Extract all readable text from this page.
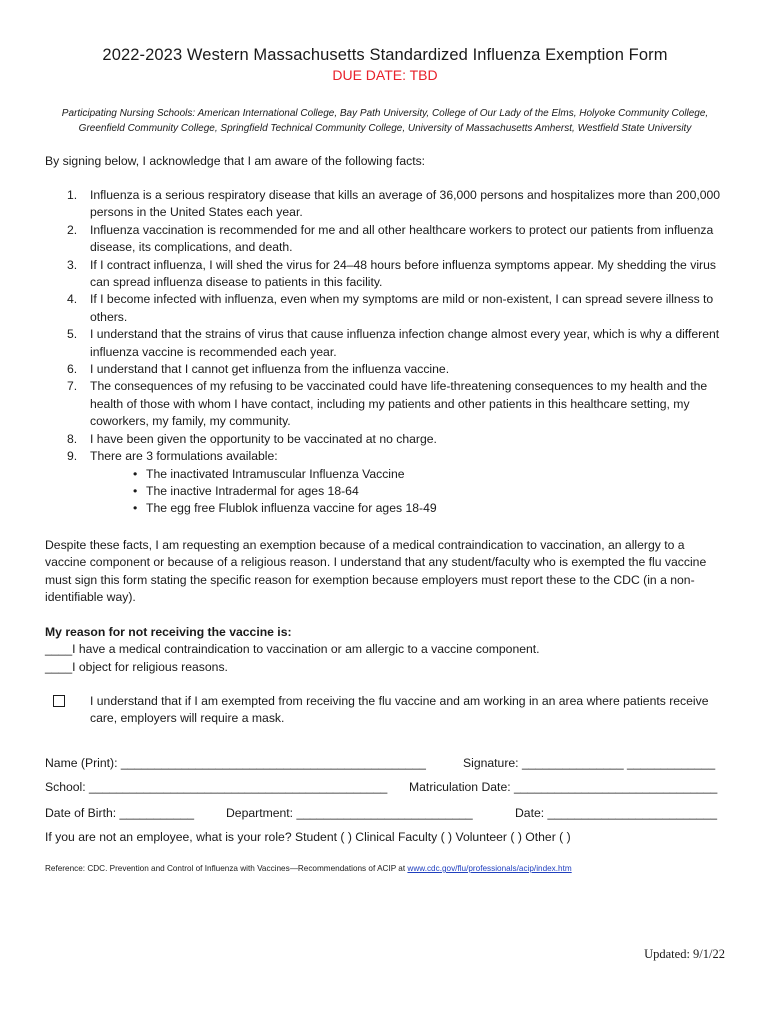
2022-2023 Western Massachusetts Standardized Influenza Exemption Form
DUE DATE: TBD
Participating Nursing Schools: American International College, Bay Path University, College of Our Lady of the Elms, Holyoke Community College,
Greenfield Community College, Springfield Technical Community College, University of Massachusetts Amherst, Westfield State University
By signing below, I acknowledge that I am aware of the following facts:
1. Influenza is a serious respiratory disease that kills an average of 36,000 persons and hospitalizes more than 200,000 persons in the United States each year.
2. Influenza vaccination is recommended for me and all other healthcare workers to protect our patients from influenza disease, its complications, and death.
3. If I contract influenza, I will shed the virus for 24–48 hours before influenza symptoms appear. My shedding the virus can spread influenza disease to patients in this facility.
4. If I become infected with influenza, even when my symptoms are mild or non-existent, I can spread severe illness to others.
5. I understand that the strains of virus that cause influenza infection change almost every year, which is why a different influenza vaccine is recommended each year.
6. I understand that I cannot get influenza from the influenza vaccine.
7. The consequences of my refusing to be vaccinated could have life-threatening consequences to my health and the health of those with whom I have contact, including my patients and other patients in this healthcare setting, my coworkers, my family, my community.
8. I have been given the opportunity to be vaccinated at no charge.
9. There are 3 formulations available:
• The inactivated Intramuscular Influenza Vaccine
• The inactive Intradermal for ages 18-64
• The egg free Flublok influenza vaccine for ages 18-49
Despite these facts, I am requesting an exemption because of a medical contraindication to vaccination, an allergy to a vaccine component or because of a religious reason. I understand that any student/faculty who is exempted the flu vaccine must sign this form stating the specific reason for exemption because employers must report these to the CDC (in a non-identifiable way).
My reason for not receiving the vaccine is:
____I have a medical contraindication to vaccination or am allergic to a vaccine component.
____I object for religious reasons.
I understand that if I am exempted from receiving the flu vaccine and am working in an area where patients receive care, employers will require a mask.
Name (Print): _____________________________________________	Signature: _______________ _____________
School: ____________________________________________ Matriculation Date: ______________________________
Date of Birth: ___________	Department: __________________________	Date: _________________________
If you are not an employee, what is your role? Student ( ) Clinical Faculty ( ) Volunteer ( ) Other ( )
Reference: CDC. Prevention and Control of Influenza with Vaccines—Recommendations of ACIP at www.cdc.gov/flu/professionals/acip/index.htm
Updated: 9/1/22
